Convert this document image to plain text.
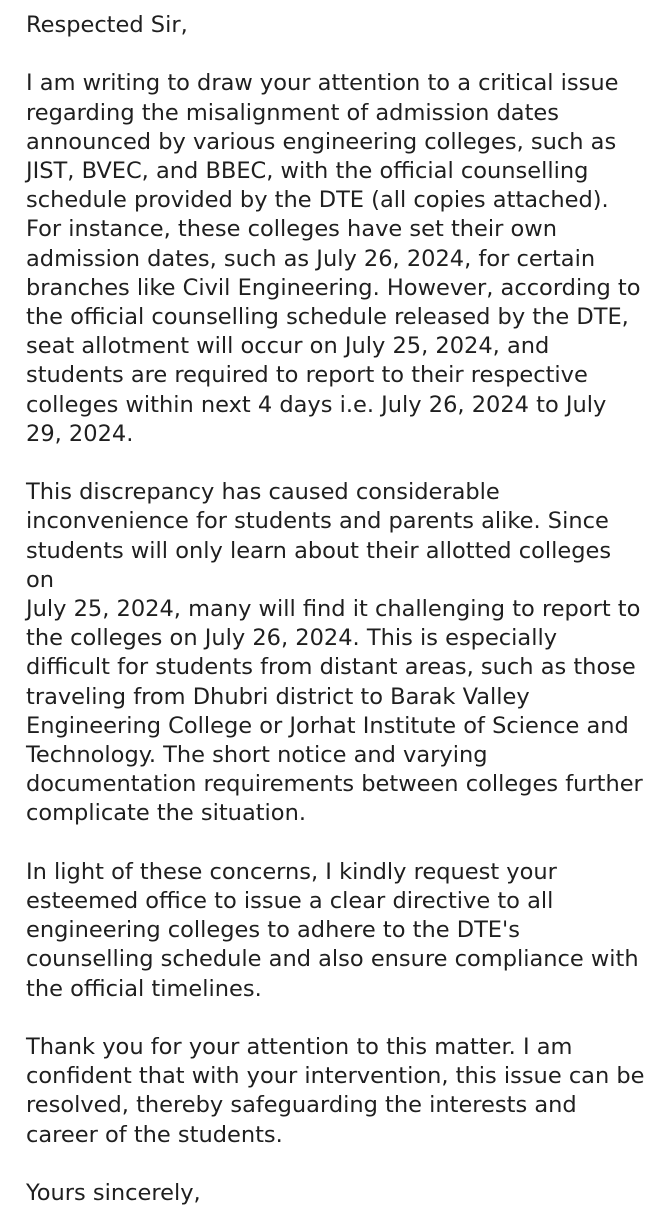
Respected Sir,

I am writing to draw your attention to a critical issue
regarding the misalignment of admission dates
announced by various engineering colleges, such as
JIST, BVEC, and BBEC, with the official counselling
schedule provided by the DTE (all copies attached).
For instance, these colleges have set their own
admission dates, such as July 26, 2024, for certain
branches like Civil Engineering. However, according to
the official counselling schedule released by the DTE,
seat allotment will occur on July 25, 2024, and
students are required to report to their respective
colleges within next 4 days i.e. July 26, 2024 to July
29, 2024.

This discrepancy has caused considerable
inconvenience for students and parents alike. Since
students will only learn about their allotted colleges on
July 25, 2024, many will find it challenging to report to
the colleges on July 26, 2024. This is especially
difficult for students from distant areas, such as those
traveling from Dhubri district to Barak Valley
Engineering College or Jorhat Institute of Science and
Technology. The short notice and varying
documentation requirements between colleges further
complicate the situation.

In light of these concerns, I kindly request your
esteemed office to issue a clear directive to all
engineering colleges to adhere to the DTE's
counselling schedule and also ensure compliance with
the official timelines.

Thank you for your attention to this matter. I am
confident that with your intervention, this issue can be
resolved, thereby safeguarding the interests and
career of the students.

Yours sincerely,
